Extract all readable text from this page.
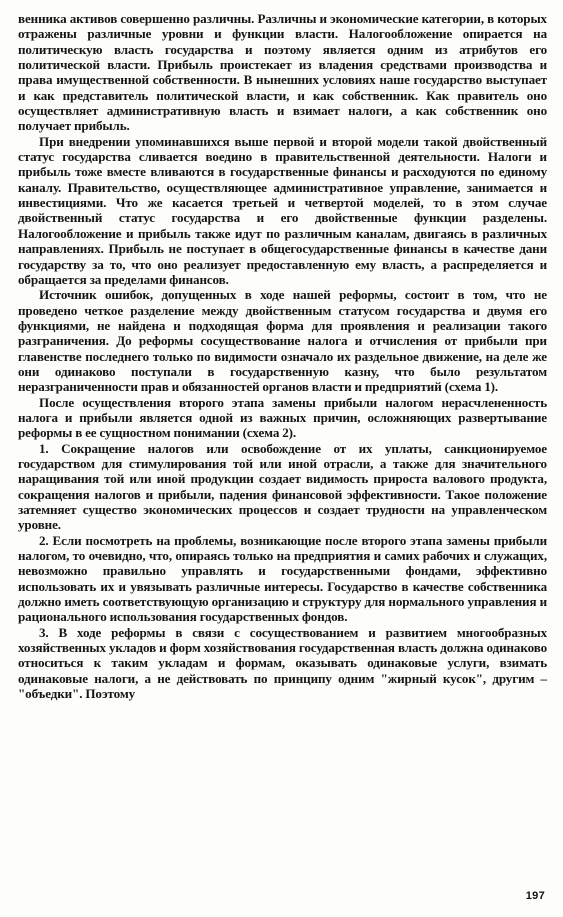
венника активов совершенно различны. Различны и экономические категории, в которых отражены различные уровни и функции власти. Налогообложение опирается на политическую власть государства и поэтому является одним из атрибутов его политической власти. Прибыль проистекает из владения средствами производства и права имущественной собственности. В нынешних условиях наше государство выступает и как представитель политической власти, и как собственник. Как правитель оно осуществляет административную власть и взимает налоги, а как собственник оно получает прибыль.

При внедрении упоминавшихся выше первой и второй модели такой двойственный статус государства сливается воедино в правительственной деятельности. Налоги и прибыль тоже вместе вливаются в государственные финансы и расходуются по единому каналу. Правительство, осуществляющее административное управление, занимается и инвестициями. Что же касается третьей и четвертой моделей, то в этом случае двойственный статус государства и его двойственные функции разделены. Налогообложение и прибыль также идут по различным каналам, двигаясь в различных направлениях. Прибыль не поступает в общегосударственные финансы в качестве дани государству за то, что оно реализует предоставленную ему власть, а распределяется и обращается за пределами финансов.

Источник ошибок, допущенных в ходе нашей реформы, состоит в том, что не проведено четкое разделение между двойственным статусом государства и двумя его функциями, не найдена и подходящая форма для проявления и реализации такого разграничения. До реформы сосуществование налога и отчисления от прибыли при главенстве последнего только по видимости означало их раздельное движение, на деле же они одинаково поступали в государственную казну, что было результатом неразграниченности прав и обязанностей органов власти и предприятий (схема 1).

После осуществления второго этапа замены прибыли налогом нерасчлененность налога и прибыли является одной из важных причин, осложняющих развертывание реформы в ее сущностном понимании (схема 2).

1. Сокращение налогов или освобождение от их уплаты, санкционируемое государством для стимулирования той или иной отрасли, а также для значительного наращивания той или иной продукции создает видимость прироста валового продукта, сокращения налогов и прибыли, падения финансовой эффективности. Такое положение затемняет существо экономических процессов и создает трудности на управленческом уровне.

2. Если посмотреть на проблемы, возникающие после второго этапа замены прибыли налогом, то очевидно, что, опираясь только на предприятия и самих рабочих и служащих, невозможно правильно управлять и государственными фондами, эффективно использовать их и увязывать различные интересы. Государство в качестве собственника должно иметь соответствующую организацию и структуру для нормального управления и рационального использования государственных фондов.

3. В ходе реформы в связи с сосуществованием и развитием многообразных хозяйственных укладов и форм хозяйствования государственная власть должна одинаково относиться к таким укладам и формам, оказывать одинаковые услуги, взимать одинаковые налоги, а не действовать по принципу одним "жирный кусок", другим – "объедки". Поэтому

197
